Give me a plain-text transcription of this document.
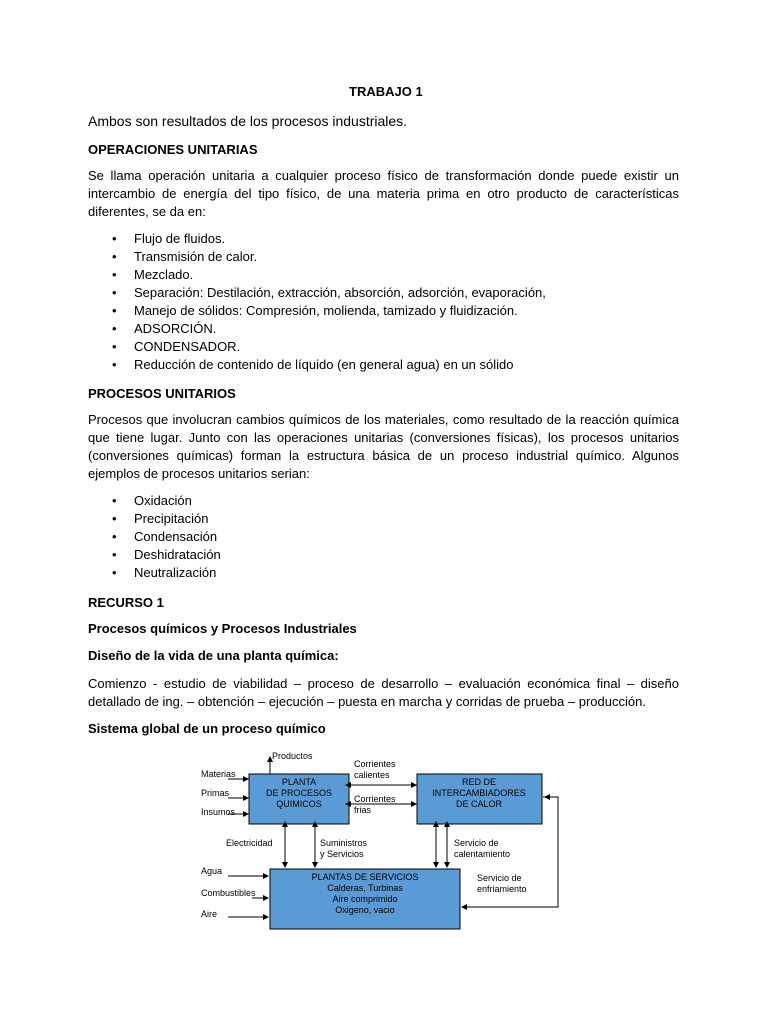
TRABAJO 1
Ambos son resultados de los procesos industriales.
OPERACIONES UNITARIAS
Se llama operación unitaria a cualquier proceso físico de transformación donde puede existir un
intercambio de energía del tipo físico, de una materia prima en otro producto de características
diferentes, se da en:
• Flujo de fluidos.
• Transmisión de calor.
• Mezclado.
• Separación: Destilación, extracción, absorción, adsorción, evaporación,
• Manejo de sólidos: Compresión, molienda, tamizado y fluidización.
• ADSORCIÓN.
• CONDENSADOR.
• Reducción de contenido de líquido (en general agua) en un sólido
PROCESOS UNITARIOS
Procesos que involucran cambios químicos de los materiales, como resultado de la reacción química
que tiene lugar. Junto con las operaciones unitarias (conversiones físicas), los procesos unitarios
(conversiones químicas) forman la estructura básica de un proceso industrial químico. Algunos
ejemplos de procesos unitarios serian:
• Oxidación
• Precipitación
• Condensación
• Deshidratación
• Neutralización
RECURSO 1
Procesos químicos y Procesos Industriales
Diseño de la vida de una planta química:
Comienzo - estudio de viabilidad – proceso de desarrollo – evaluación económica final – diseño
detallado de ing. – obtención – ejecución – puesta en marcha y corridas de prueba – producción.
Sistema global de un proceso químico
PLANTA
DE PROCESOS
QUIMICOS
RED DE
INTERCAMBIADORES
DE CALOR
PLANTAS DE SERVICIOS
Calderas, Turbinas
Aire comprimido
Oxigeno, vacio
Productos
Materias
Primas
Insumos
Corrientes
calientes
Corrientes
frias
Electricidad	Suministros
y Servicios
Servicio de
calentamiento
Servicio de
enfriamiento
Agua
Combustibles
Aire
